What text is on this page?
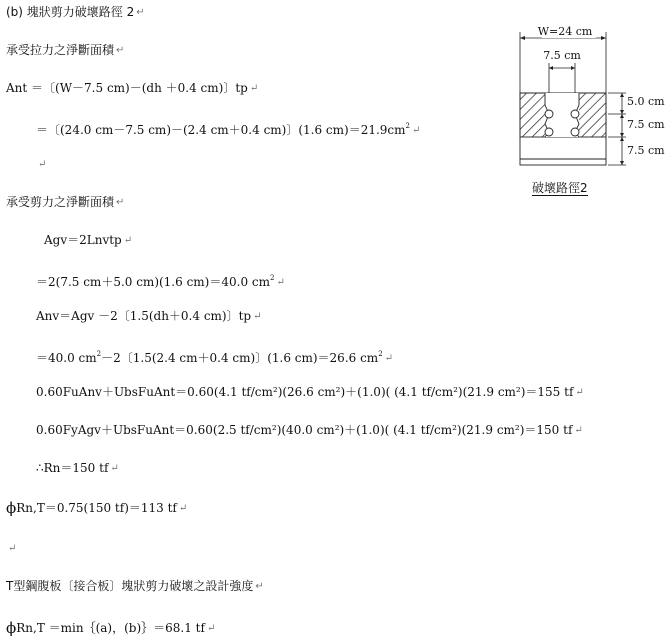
(b) 塊狀剪力破壞路徑 2 ↵
承受拉力之淨斷面積 ↵
Ant ＝〔(W－7.5 cm)－(dh ＋0.4 cm)〕tp ↵
＝〔(24.0 cm－7.5 cm)－(2.4 cm＋0.4 cm)〕(1.6 $cm)=21.9cm^2$ ↵
↵
承受剪力之淨斷面積 ↵
Agv＝2Lnvtp ↵
＝2(7.5 cm＋5.0 cm)(1.6 cm)＝40.0 $cm^2$ ↵
Anv＝Agv －2〔1.5(dh＋0.4 cm)〕tp ↵
＝40.0 $cm^2-2$〔1.5(2.4 cm＋0.4 cm)〕(1.6 cm)＝26.6 $cm^2$ ↵
0.60FuAnv＋UbsFuAnt＝0.60(4.1 tf/cm²)(26.6 cm²)＋(1.0)( (4.1 tf/cm²)(21.9 cm²)＝155 tf ↵
0.60FyAgv＋UbsFuAnt＝0.60(2.5 tf/cm²)(40.0 cm²)＋(1.0)( (4.1 tf/cm²)(21.9 cm²)＝150 tf ↵
∴Rn＝150 tf ↵
ϕRn,T＝0.75(150 tf)＝113 tf ↵
↵
T型鋼腹板〔接合板〕塊狀剪力破壞之設計強度 ↵
ϕRn,T ＝min｛(a)，(b)｝＝68.1 tf ↵
W=24 cm
7.5 cm
5.0 cm
7.5 cm
7.5 cm
破壞路徑2
